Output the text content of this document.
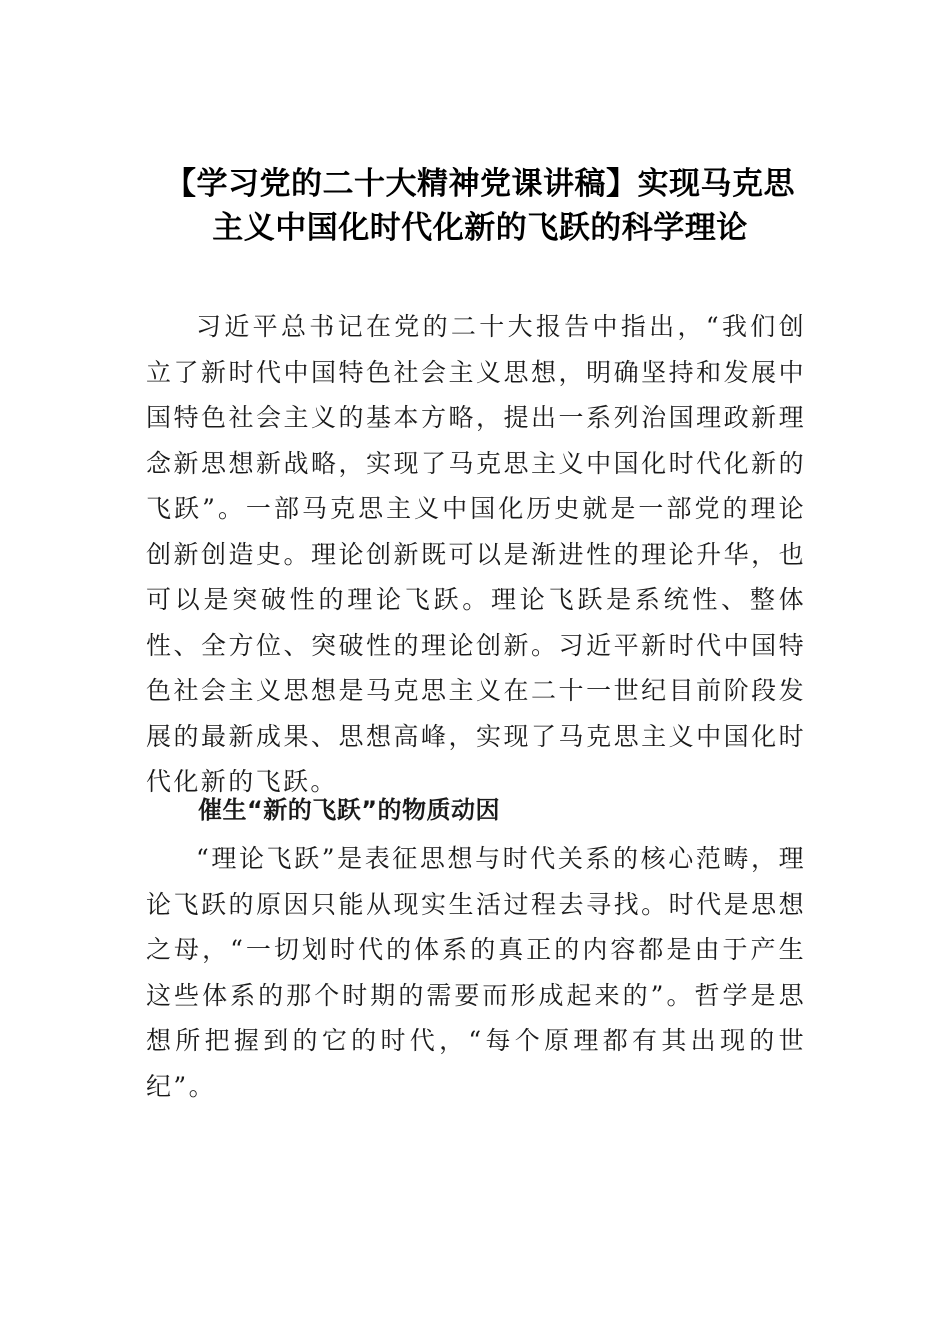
【学习党的二十大精神党课讲稿】实现马克思主义中国化时代化新的飞跃的科学理论

习近平总书记在党的二十大报告中指出，“我们创立了新时代中国特色社会主义思想，明确坚持和发展中国特色社会主义的基本方略，提出一系列治国理政新理念新思想新战略，实现了马克思主义中国化时代化新的飞跃”。一部马克思主义中国化历史就是一部党的理论创新创造史。理论创新既可以是渐进性的理论升华，也可以是突破性的理论飞跃。理论飞跃是系统性、整体性、全方位、突破性的理论创新。习近平新时代中国特色社会主义思想是马克思主义在二十一世纪目前阶段发展的最新成果、思想高峰，实现了马克思主义中国化时代化新的飞跃。

催生“新的飞跃”的物质动因

“理论飞跃”是表征思想与时代关系的核心范畴，理论飞跃的原因只能从现实生活过程去寻找。时代是思想之母，“一切划时代的体系的真正的内容都是由于产生这些体系的那个时期的需要而形成起来的”。哲学是思想所把握到的它的时代，“每个原理都有其出现的世纪”。
